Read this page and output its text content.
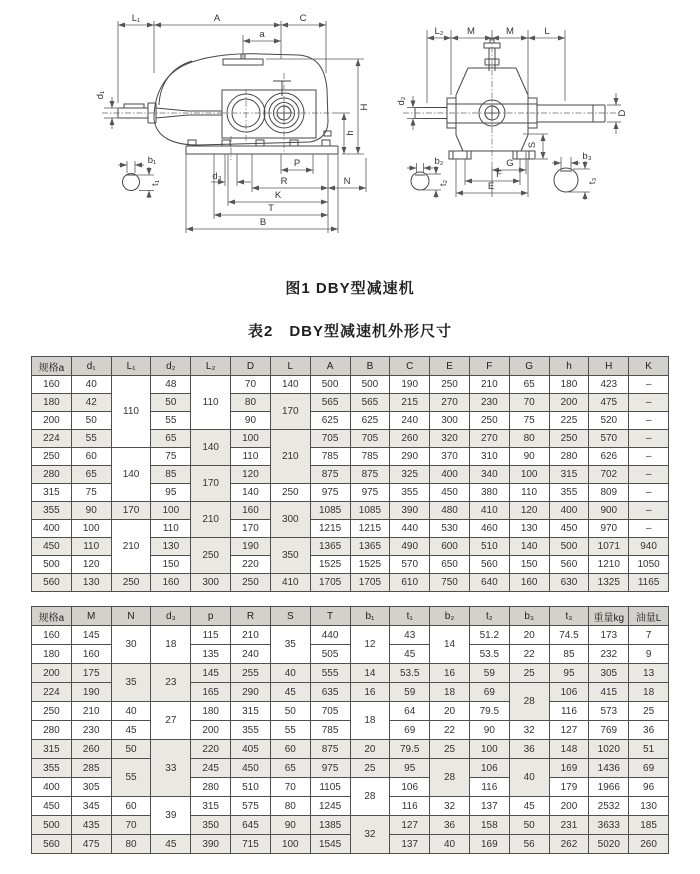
L₁	A	C
a
d₁
H
h
b₁
t₁
d₃
P
R	N
K
T
B
L₂ M	M	L
d₂
D
S
G
F
E
b₂
t₂
b₃
t₃
图1 DBY型减速机
表2　DBY型减速机外形尺寸
规格a	d₁	L₁	d₂	L₂	D	L	A	B	C	E	F	G	h	H	K
160	40	110	48	110	70	140	500	500	190	250	210	65	180	423	–
180	42		50		80	170	565	565	215	270	230	70	200	475	–
200	50		55		90		625	625	240	300	250	75	225	520	–
224	55		65	140	100	210	705	705	260	320	270	80	250	570	–
250	60	140	75		110		785	785	290	370	310	90	280	626	–
280	65		85	170	120		875	875	325	400	340	100	315	702	–
315	75		95		140	250	975	975	355	450	380	110	355	809	–
355	90	170	100	210	160	300	1085	1085	390	480	410	120	400	900	–
400	100	210	110		170		1215	1215	440	530	460	130	450	970	–
450	110		130	250	190	350	1365	1365	490	600	510	140	500	1071	940
500	120		150		220		1525	1525	570	650	560	150	560	1210	1050
560	130	250	160	300	250	410	1705	1705	610	750	640	160	630	1325	1165
规格a	M	N	d₃	p	R	S	T	b₁	t₁	b₂	t₂	b₃	t₃	重量kg	油量L
160	145	30	18	115	210	35	440	12	43	14	51.2	20	74.5	173	7
180	160			135	240		505		45		53.5	22	85	232	9
200	175	35	23	145	255	40	555	14	53.5	16	59	25	95	305	13
224	190			165	290	45	635	16	59	18	69	28	106	415	18
250	210	40	27	180	315	50	705	18	64	20	79.5		116	573	25
280	230	45		200	355	55	785		69	22	90	32	127	769	36
315	260	50	33	220	405	60	875	20	79.5	25	100	36	148	1020	51
355	285	55		245	450	65	975	25	95	28	106	40	169	1436	69
400	305			280	510	70	1105	28	106		116		179	1966	96
450	345	60	39	315	575	80	1245		116	32	137	45	200	2532	130
500	435	70		350	645	90	1385	32	127	36	158	50	231	3633	185
560	475	80	45	390	715	100	1545		137	40	169	56	262	5020	260
